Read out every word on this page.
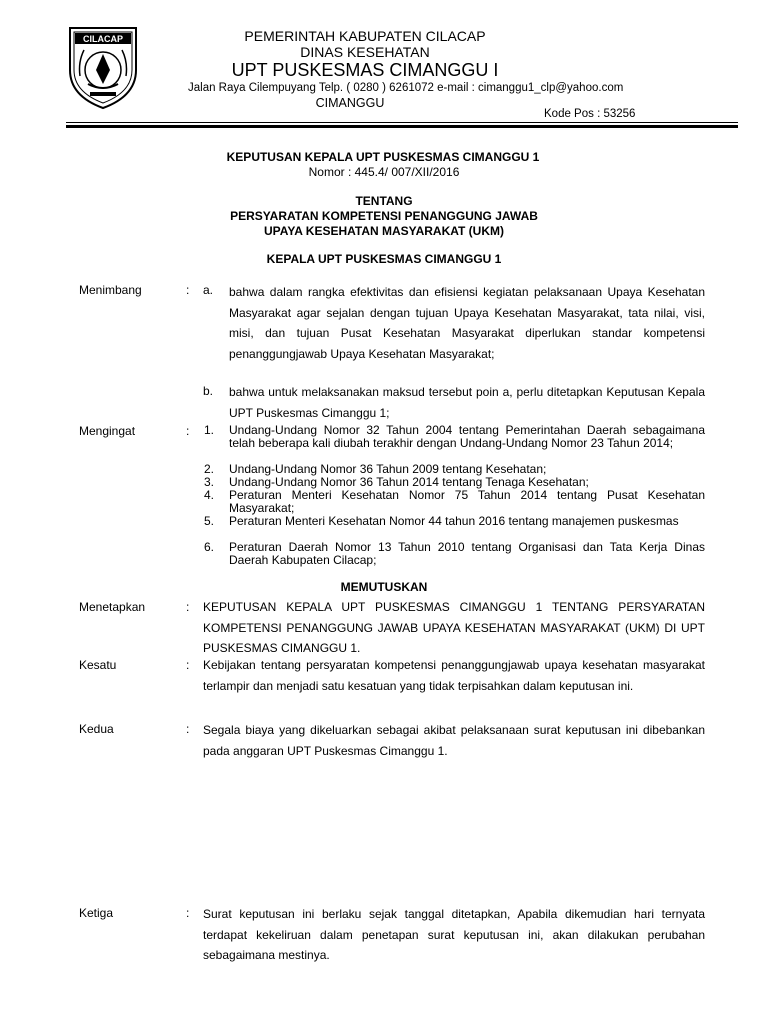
CILACAP	PEMERINTAH KABUPATEN CILACAP
DINAS KESEHATAN
UPT PUSKESMAS CIMANGGU I
Jalan Raya Cilempuyang Telp. ( 0280 ) 6261072 e-mail : cimanggu1_clp@yahoo.com
CIMANGGU
Kode Pos : 53256
KEPUTUSAN KEPALA UPT PUSKESMAS CIMANGGU 1
Nomor : 445.4/ 007/XII/2016
TENTANG
PERSYARATAN KOMPETENSI PENANGGUNG JAWAB
UPAYA KESEHATAN MASYARAKAT (UKM)
KEPALA UPT PUSKESMAS CIMANGGU 1
Menimbang	: a. bahwa dalam rangka efektivitas dan efisiensi kegiatan pelaksanaan Upaya Kesehatan Masyarakat agar sejalan dengan tujuan Upaya Kesehatan Masyarakat, tata nilai, visi, misi, dan tujuan Pusat Kesehatan Masyarakat diperlukan standar kompetensi penanggungjawab Upaya Kesehatan Masyarakat;
b. bahwa untuk melaksanakan maksud tersebut poin a, perlu ditetapkan Keputusan Kepala UPT Puskesmas Cimanggu 1;
Mengingat	: 1. Undang-Undang Nomor 32 Tahun 2004 tentang Pemerintahan Daerah sebagaimana telah beberapa kali diubah terakhir dengan Undang-Undang Nomor 23 Tahun 2014;
2. Undang-Undang Nomor 36 Tahun 2009 tentang Kesehatan;
3. Undang-Undang Nomor 36 Tahun 2014 tentang Tenaga Kesehatan;
4. Peraturan Menteri Kesehatan Nomor 75 Tahun 2014 tentang Pusat Kesehatan Masyarakat;
5. Peraturan Menteri Kesehatan Nomor 44 tahun 2016 tentang manajemen puskesmas
6. Peraturan Daerah Nomor 13 Tahun 2010 tentang Organisasi dan Tata Kerja Dinas Daerah Kabupaten Cilacap;
MEMUTUSKAN
Menetapkan	: KEPUTUSAN KEPALA UPT PUSKESMAS CIMANGGU 1 TENTANG PERSYARATAN KOMPETENSI PENANGGUNG JAWAB UPAYA KESEHATAN MASYARAKAT (UKM) DI UPT PUSKESMAS CIMANGGU 1.
Kesatu	: Kebijakan tentang persyaratan kompetensi penanggungjawab upaya kesehatan masyarakat terlampir dan menjadi satu kesatuan yang tidak terpisahkan dalam keputusan ini.
Kedua	: Segala biaya yang dikeluarkan sebagai akibat pelaksanaan surat keputusan ini dibebankan pada anggaran UPT Puskesmas Cimanggu 1.
Ketiga	: Surat keputusan ini berlaku sejak tanggal ditetapkan, Apabila dikemudian hari ternyata terdapat kekeliruan dalam penetapan surat keputusan ini, akan dilakukan perubahan sebagaimana mestinya.
